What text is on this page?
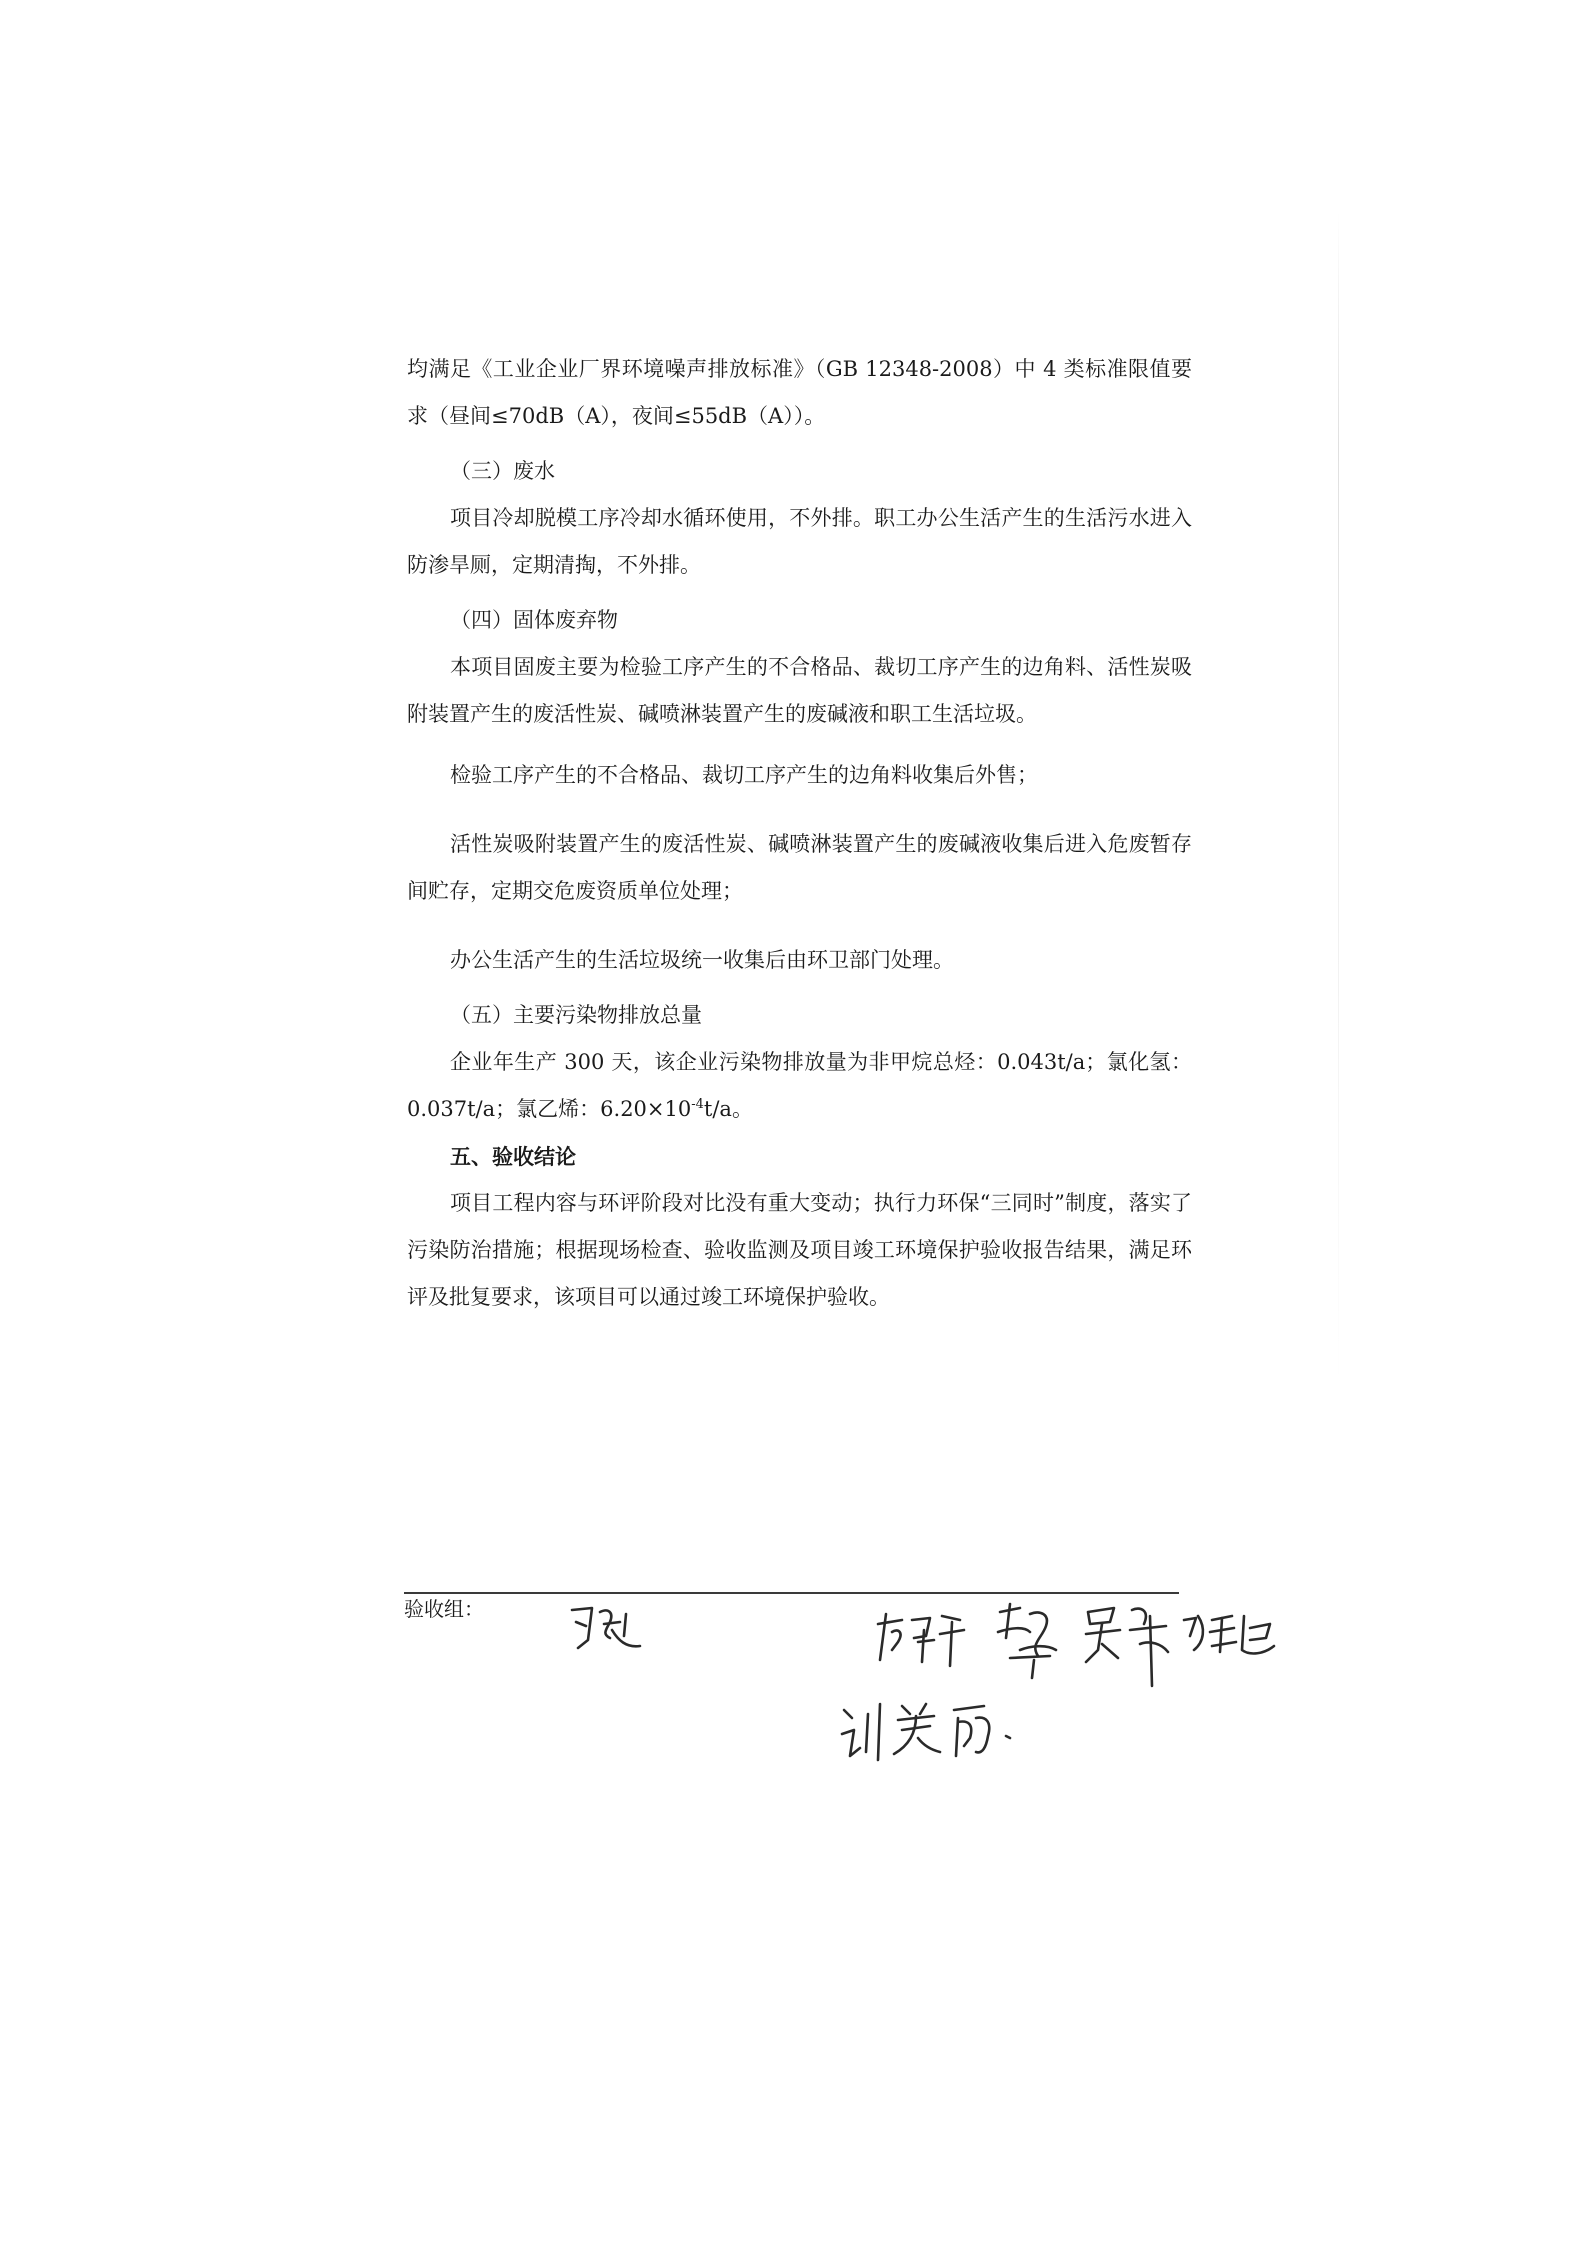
均满足《工业企业厂界环境噪声排放标准》（GB 12348-2008）中 4 类标准限值要求（昼间≤70dB（A），夜间≤55dB（A））。

（三）废水

项目冷却脱模工序冷却水循环使用，不外排。职工办公生活产生的生活污水进入防渗旱厕，定期清掏，不外排。

（四）固体废弃物

本项目固废主要为检验工序产生的不合格品、裁切工序产生的边角料、活性炭吸附装置产生的废活性炭、碱喷淋装置产生的废碱液和职工生活垃圾。

检验工序产生的不合格品、裁切工序产生的边角料收集后外售；

活性炭吸附装置产生的废活性炭、碱喷淋装置产生的废碱液收集后进入危废暂存间贮存，定期交危废资质单位处理；

办公生活产生的生活垃圾统一收集后由环卫部门处理。

（五）主要污染物排放总量

企业年生产 300 天，该企业污染物排放量为非甲烷总烃：0.043t/a；氯化氢：0.037t/a；氯乙烯：$6.20\times 10^{-4}t/a$。

五、验收结论

项目工程内容与环评阶段对比没有重大变动；执行力环保“三同时”制度，落实了污染防治措施；根据现场检查、验收监测及项目竣工环境保护验收报告结果，满足环评及批复要求，该项目可以通过竣工环境保护验收。

验收组：
